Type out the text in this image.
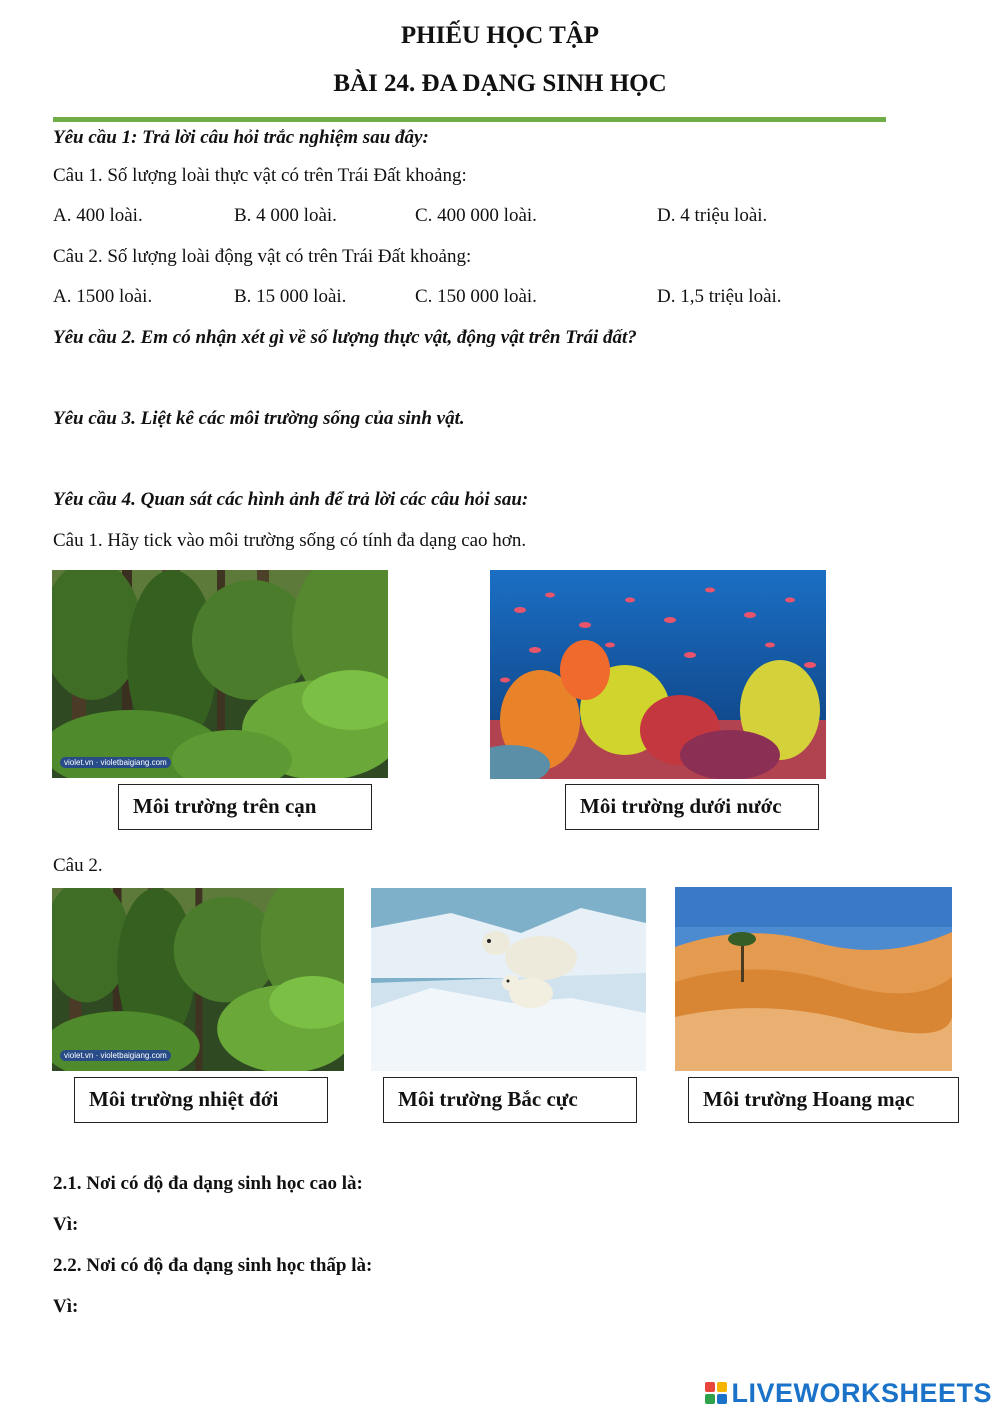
PHIẾU HỌC TẬP
BÀI 24. ĐA DẠNG SINH HỌC
Yêu cầu 1: Trả lời câu hỏi trắc nghiệm sau đây:
Câu 1. Số lượng loài thực vật có trên Trái Đất khoảng:
A. 400 loài.	B. 4 000 loài.	C. 400 000 loài.	D. 4 triệu loài.
Câu 2. Số lượng loài động vật có trên Trái Đất khoảng:
A. 1500 loài.	B. 15 000 loài.	C. 150 000 loài.	D. 1,5 triệu loài.
Yêu cầu 2. Em có nhận xét gì về số lượng thực vật, động vật trên Trái đất?
Yêu cầu 3. Liệt kê các môi trường sống của sinh vật.
Yêu cầu 4. Quan sát các hình ảnh để trả lời các câu hỏi sau:
Câu 1. Hãy tick vào môi trường sống có tính đa dạng cao hơn.
violet.vn · violetbaigiang.com
Môi trường trên cạn	Môi trường dưới nước
Câu 2.
violet.vn · violetbaigiang.com
Môi trường nhiệt đới	Môi trường Bắc cực	Môi trường Hoang mạc
2.1. Nơi có độ đa dạng sinh học cao là:
Vì:
2.2. Nơi có độ đa dạng sinh học thấp là:
Vì:
LIVEWORKSHEETS
